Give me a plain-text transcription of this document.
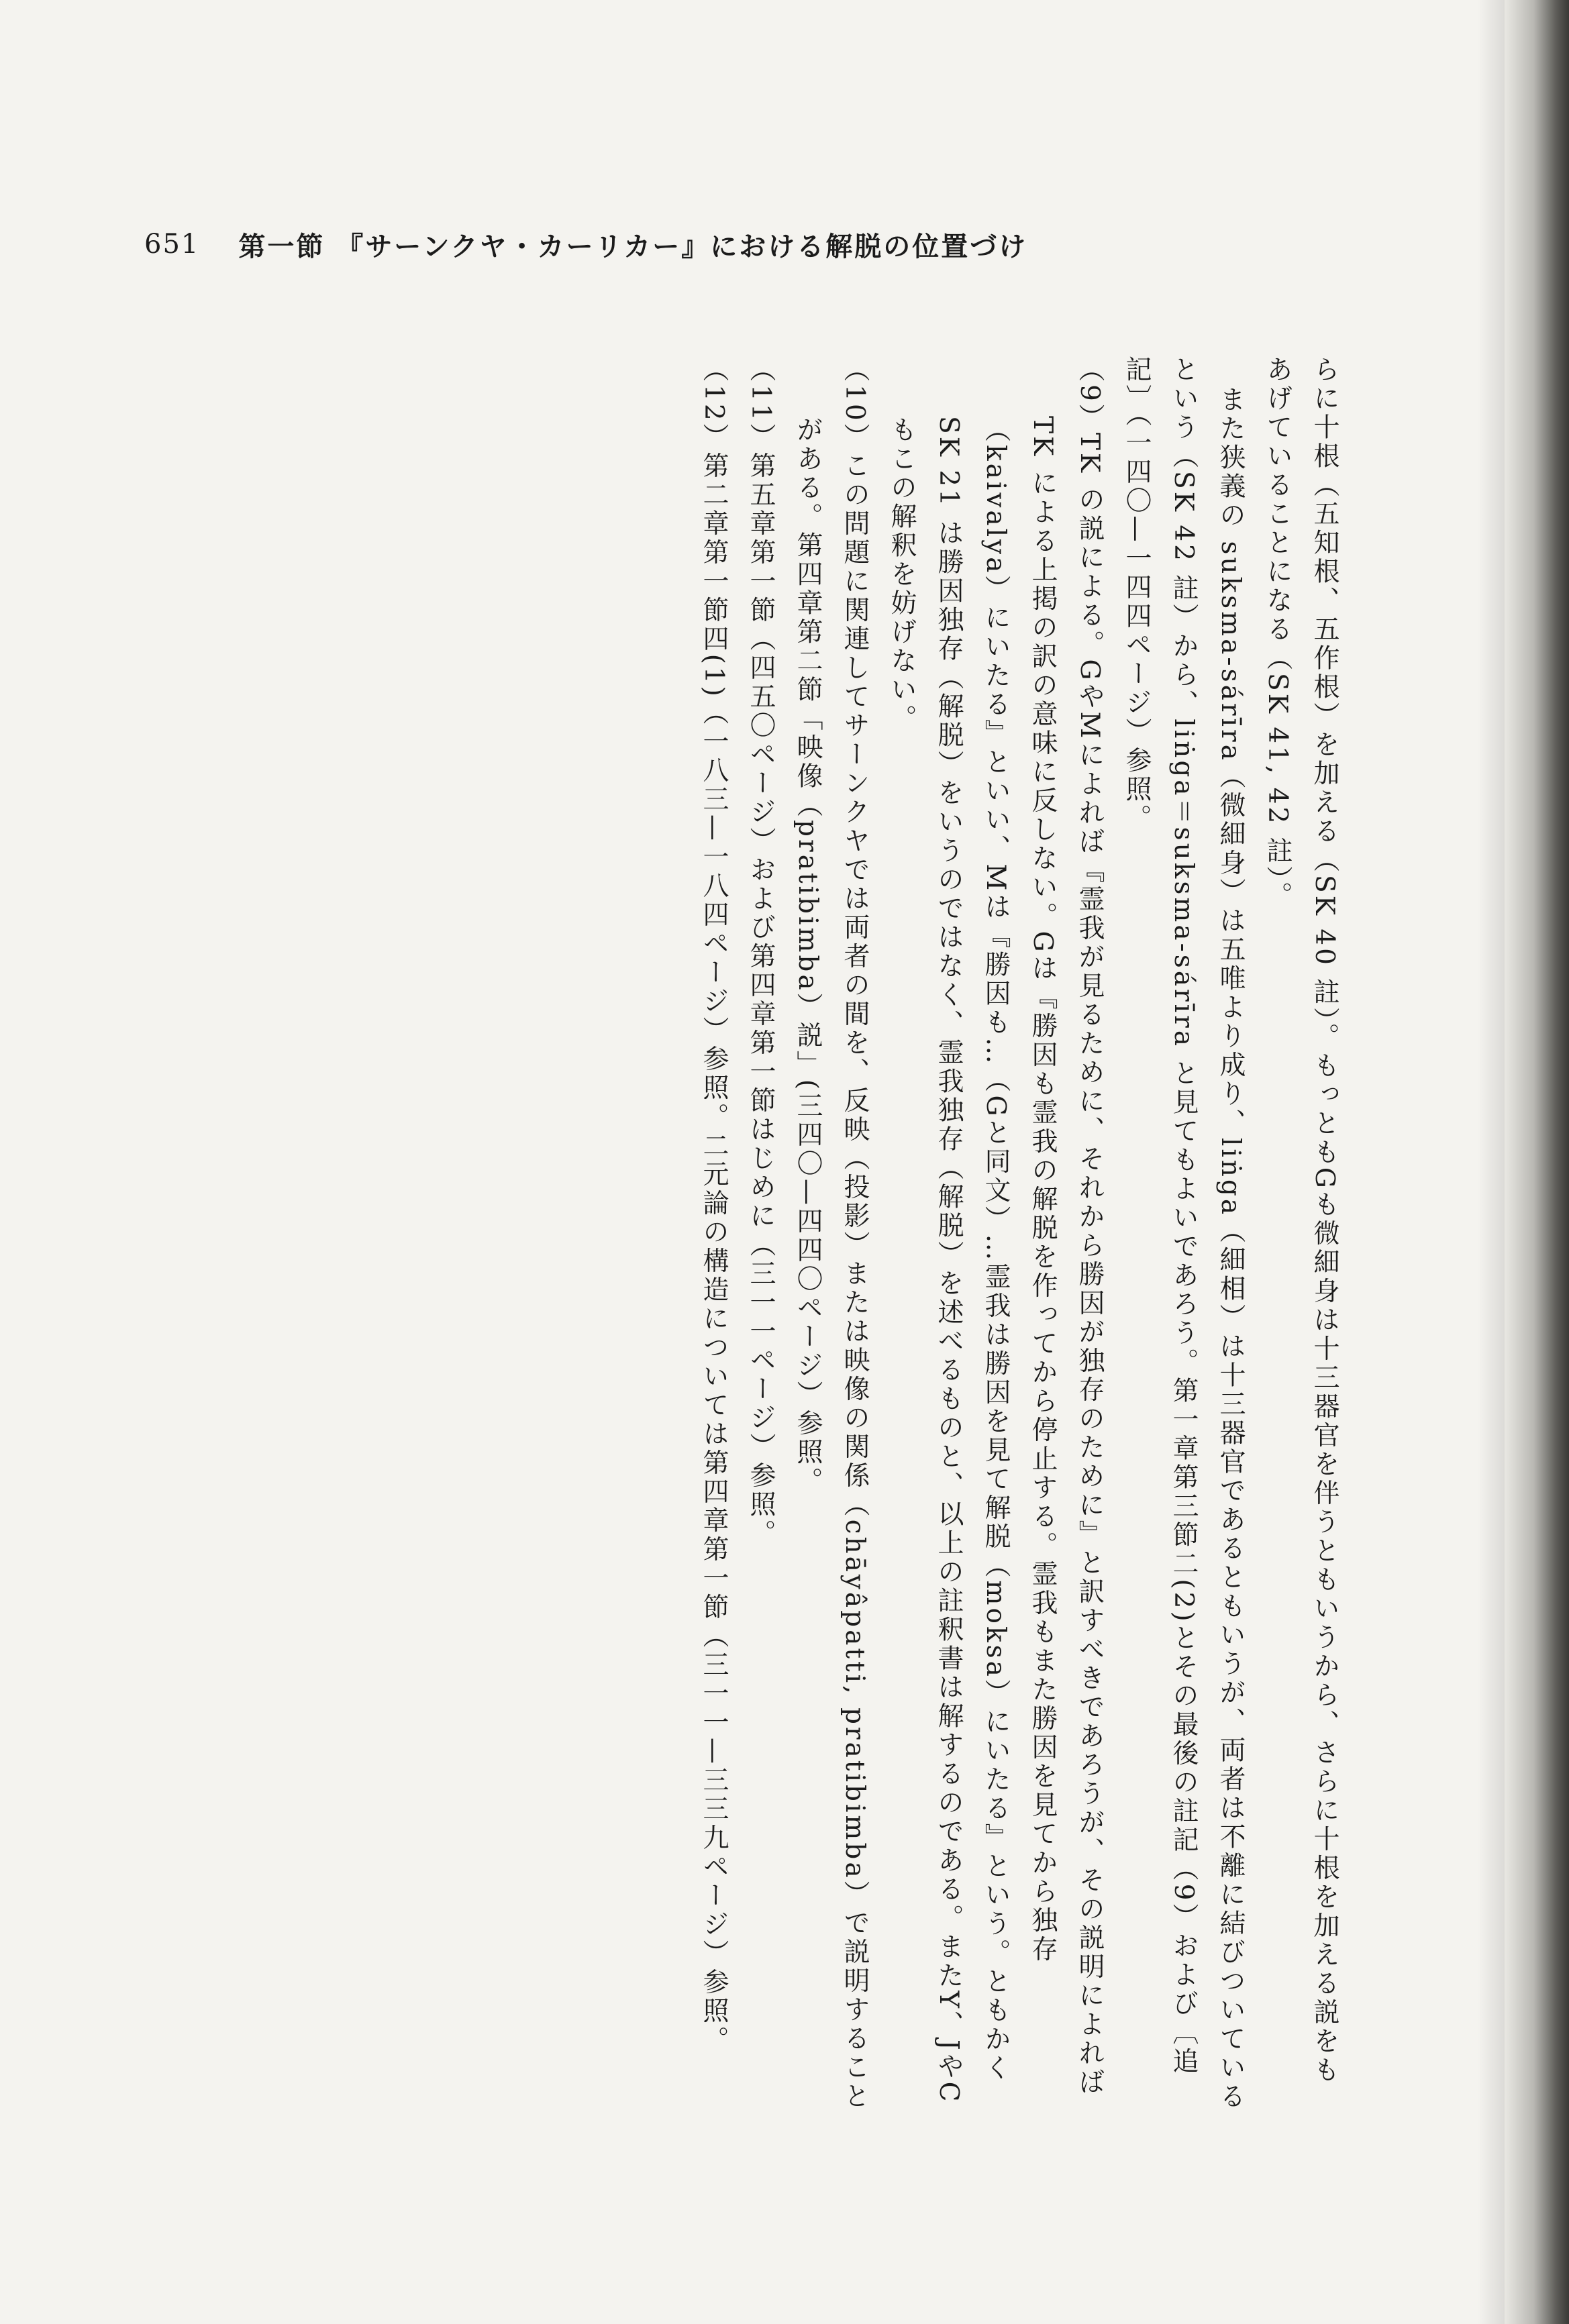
651 第一節 『サーンクヤ・カーリカー』における解脱の位置づけ

らに十根（五知根、五作根）を加える（SK 40 註）。もっともGも微細身は十三器官を伴うともいうから、さらに十根を加える説をもあげていることになる（SK 41, 42 註）。

また狭義の suksma-sárīra（微細身）は五唯より成り、liṅga（細相）は十三器官であるともいうが、両者は不離に結びついているという（SK 42 註）から、liṅga＝suksma-sárīra と見てもよいであろう。第一章第三節二(2)とその最後の註記（9）および〔追記〕（一四〇—一四四ページ）参照。

（9）TK の説による。GやMによれば『霊我が見るために、それから勝因が独存のために』と訳すべきであろうが、その説明によれば TK による上掲の訳の意味に反しない。Gは『勝因も霊我の解脱を作ってから停止する。霊我もまた勝因を見てから独存（kaivalya）にいたる』といい、Mは『勝因も…（Gと同文）…霊我は勝因を見て解脱（moksa）にいたる』という。ともかく SK 21 は勝因独存（解脱）をいうのではなく、霊我独存（解脱）を述べるものと、以上の註釈書は解するのである。またY、JやCもこの解釈を妨げない。

（10）この問題に関連してサーンクヤでは両者の間を、反映（投影）または映像の関係（chāyâpatti, pratibimba）で説明することがある。第四章第二節「映像（pratibimba）説」(三四〇—四四〇ページ）参照。

（11）第五章第一節（四五〇ページ）および第四章第一節はじめに（三一一ページ）参照。

（12）第二章第一節四(1)（一八三—一八四ページ）参照。二元論の構造については第四章第一節（三一一—三三九ページ）参照。
